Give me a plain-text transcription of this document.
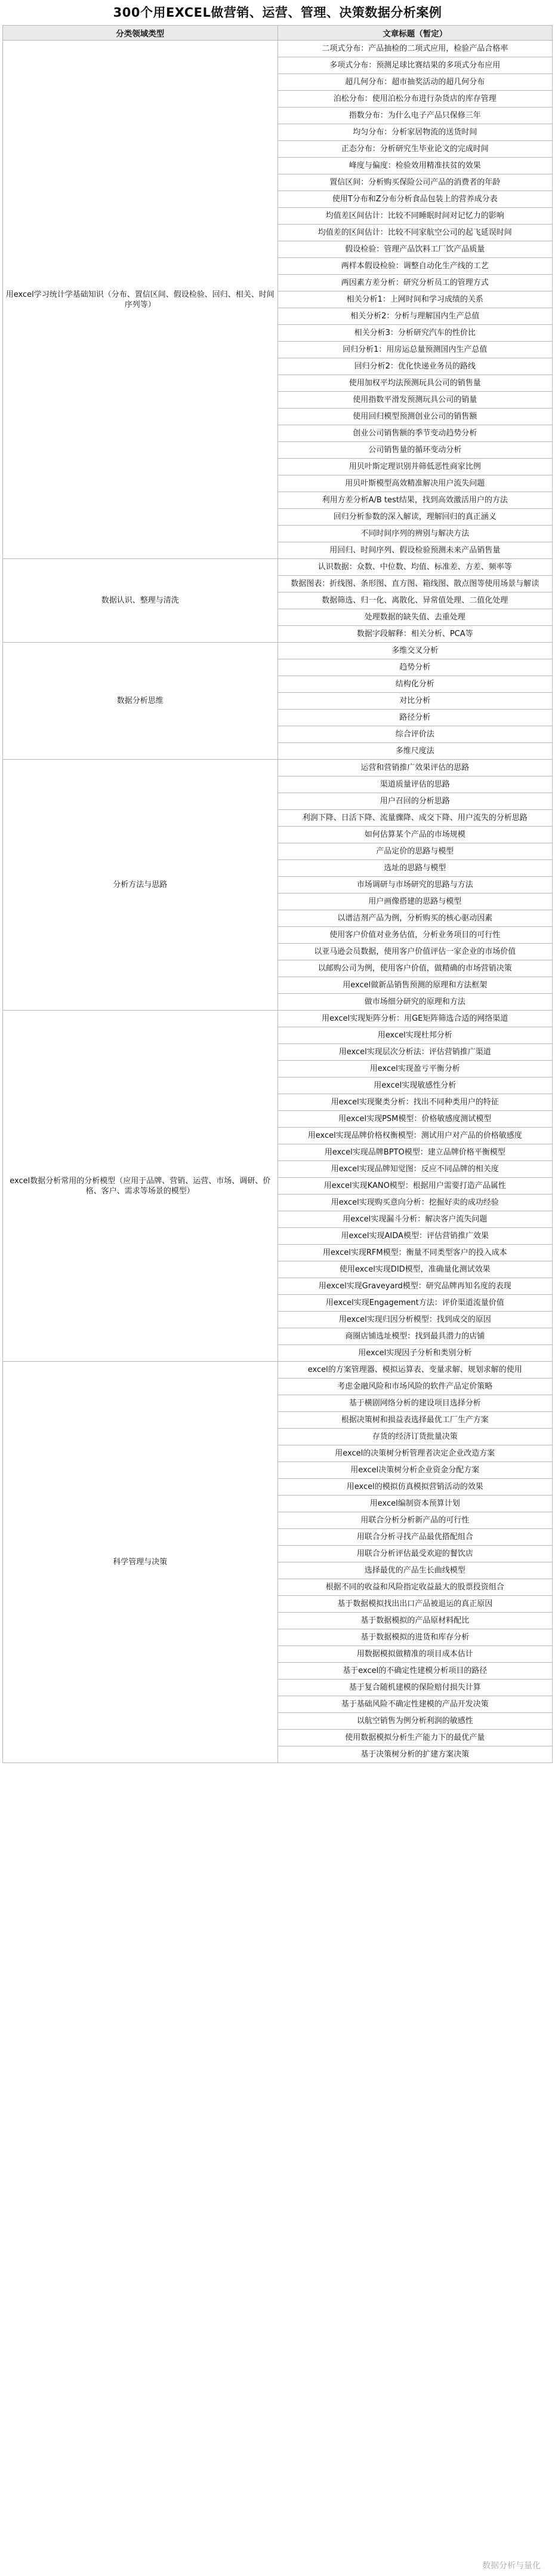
300个用EXCEL做营销、运营、管理、决策数据分析案例
分类领域类型	文章标题（暂定）
用excel学习统计学基础知识（分布、置信区间、假设检验、回归、相关、时间序列等）	二项式分布：产品抽检的二项式应用，检验产品合格率
	多项式分布：预测足球比赛结果的多项式分布应用
	超几何分布：超市抽奖活动的超几何分布
	泊松分布：使用泊松分布进行杂货店的库存管理
	指数分布：为什么电子产品只保修三年
	均匀分布：分析家居物流的送货时间
	正态分布：分析研究生毕业论文的完成时间
	峰度与偏度：检验效用精准扶贫的效果
	置信区间：分析购买保险公司产品的消费者的年龄
	使用T分布和Z分布分析食品包装上的营养成分表
	均值差区间估计：比较不同睡眠时间对记忆力的影响
	均值差的区间估计：比较不同家航空公司的起飞延误时间
	假设检验：管理产品饮料工厂饮产品质量
	两样本假设检验：调整自动化生产线的工艺
	两因素方差分析：研究分析员工的管理方式
	相关分析1：上网时间和学习成绩的关系
	相关分析2：分析与理解国内生产总值
	相关分析3：分析研究汽车的性价比
	回归分析1：用房运总量预测国内生产总值
	回归分析2：优化快递业务员的路线
	使用加权平均法预测玩具公司的销售量
	使用指数平滑发预测玩具公司的销量
	使用回归模型预测创业公司的销售额
	创业公司销售额的季节变动趋势分析
	公司销售量的循环变动分析
	用贝叶斯定理识别并筛低恶性商家比例
	用贝叶斯模型高效精准解决用户流失问题
	利用方差分析A/B test结果，找到高效激活用户的方法
	回归分析参数的深入解读，理解回归的真正涵义
	不同时间序列的辨别与解决方法
	用回归、时间序列、假设检验预测未来产品销售量
数据认识、整理与清洗	认识数据：众数、中位数、均值、标准差、方差、频率等
	数据图表：折线图、条形图、直方图、箱线图、散点图等使用场景与解读
	数据筛选、归一化、离散化、异常值处理、二值化处理
	处理数据的缺失值、去重处理
	数据字段解释：相关分析、PCA等
数据分析思维	多维交叉分析
	趋势分析
	结构化分析
	对比分析
	路径分析
	综合评价法
	多维尺度法
分析方法与思路	运营和营销推广效果评估的思路
	渠道质量评估的思路
	用户召回的分析思路
	利润下降、日活下降、流量骤降、成交下降、用户流失的分析思路
	如何估算某个产品的市场规模
	产品定价的思路与模型
	选址的思路与模型
	市场调研与市场研究的思路与方法
	用户画像搭建的思路与模型
	以谱洁剂产品为例，分析购买的核心驱动因素
	使用客户价值对业务估值，分析业务项目的可行性
	以亚马逊会员数据，使用客户价值评估一家企业的市场价值
	以邮购公司为例，使用客户价值，做精确的市场营销决策
	用excel做新品销售预测的原理和方法框架
	做市场细分研究的原理和方法
excel数据分析常用的分析模型（应用于品牌、营销、运营、市场、调研、价格、客户、需求等场景的模型）	用excel实现矩阵分析：用GE矩阵筛选合适的网络渠道
	用excel实现杜邦分析
	用excel实现层次分析法：评估营销推广渠道
	用excel实现盈亏平衡分析
	用excel实现敏感性分析
	用excel实现聚类分析：找出不同种类用户的特征
	用excel实现PSM模型：价格敏感度测试模型
	用excel实现品牌价格权衡模型：测试用户对产品的价格敏感度
	用excel实现品牌BPTO模型：建立品牌价格平衡模型
	用excel实现品牌知觉图：反应不同品牌的相关度
	用excel实现KANO模型：根据用户需要打造产品属性
	用excel实现购买意向分析：挖掘好卖的成功经验
	用excel实现漏斗分析：解决客户流失问题
	用excel实现AIDA模型：评估营销推广效果
	用excel实现RFM模型：衡量不同类型客户的投入成本
	使用excel实现DID模型，准确量化测试效果
	用excel实现Graveyard模型：研究品牌再知名度的表现
	用excel实现Engagement方法：评价渠道流量价值
	用excel实现归因分析模型：找到成交的原因
	商圈店铺选址模型：找到最具潜力的店铺
	用excel实现因子分析和类别分析
科学管理与决策	excel的方案管理器、模拟运算表、变量求解、规划求解的使用
	考虑金融风险和市场风险的软件产品定价策略
	基于横剧网络分析的建设项目选择分析
	根据决策树和损益表选择最优工厂生产方案
	存货的经济订货批量决策
	用excel的决策树分析管理者决定企业改造方案
	用excel决策树分析企业资金分配方案
	用excel的模拟仿真模拟营销活动的效果
	用excel编制资本预算计划
	用联合分析分析新产品的可行性
	用联合分析寻找产品最优搭配组合
	用联合分析评估最受欢迎的餐饮店
	选择最优的产品生长曲线模型
	根据不同的收益和风险指定收益最大的股票投资组合
	基于数据模拟找出出口产品被退运的真正原因
	基于数据模拟的产品原材料配比
	基于数据模拟的进货和库存分析
	用数据模拟做精准的项目成本估计
	基于excel的不确定性建模分析项目的路径
	基于复合随机建模的保险赔付损失计算
	基于基础风险不确定性建模的产品开发决策
	以航空销售为例分析利润的敏感性
	使用数据模拟分析生产能力下的最优产量
	基于决策树分析的扩建方案决策
数据分析与量化
